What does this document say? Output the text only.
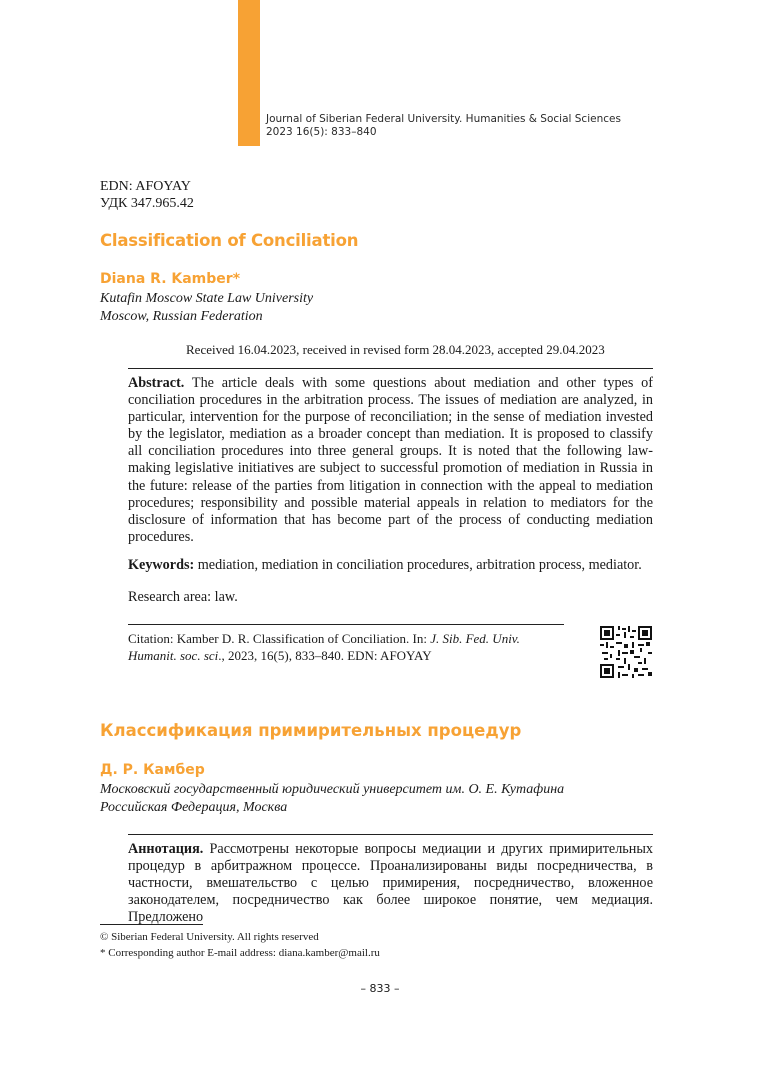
Journal of Siberian Federal University. Humanities & Social Sciences
2023 16(5): 833–840
EDN: AFOYAY
УДК 347.965.42
Classification of Conciliation
Diana R. Kamber*
Kutafin Moscow State Law University
Moscow, Russian Federation
Received 16.04.2023, received in revised form 28.04.2023, accepted 29.04.2023
Abstract. The article deals with some questions about mediation and other types of conciliation procedures in the arbitration process. The issues of mediation are analyzed, in particular, intervention for the purpose of reconciliation; in the sense of mediation invested by the legislator, mediation as a broader concept than mediation. It is proposed to classify all conciliation procedures into three general groups. It is noted that the following law-making legislative initiatives are subject to successful promotion of mediation in Russia in the future: release of the parties from litigation in connection with the appeal to mediation procedures; responsibility and possible material appeals in relation to mediators for the disclosure of information that has become part of the process of conducting mediation procedures.
Keywords: mediation, mediation in conciliation procedures, arbitration process, mediator.
Research area: law.
Citation: Kamber D. R. Classification of Conciliation. In: J. Sib. Fed. Univ. Humanit. soc. sci., 2023, 16(5), 833–840. EDN: AFOYAY
Классификация примирительных процедур
Д. Р. Камбер
Московский государственный юридический университет им. О. Е. Кутафина
Российская Федерация, Москва
Аннотация. Рассмотрены некоторые вопросы медиации и других примирительных процедур в арбитражном процессе. Проанализированы виды посредничества, в частности, вмешательство с целью примирения, посредничество, вложенное законодателем, посредничество как более широкое понятие, чем медиация. Предложено
© Siberian Federal University. All rights reserved
* Corresponding author E-mail address: diana.kamber@mail.ru
– 833 –
